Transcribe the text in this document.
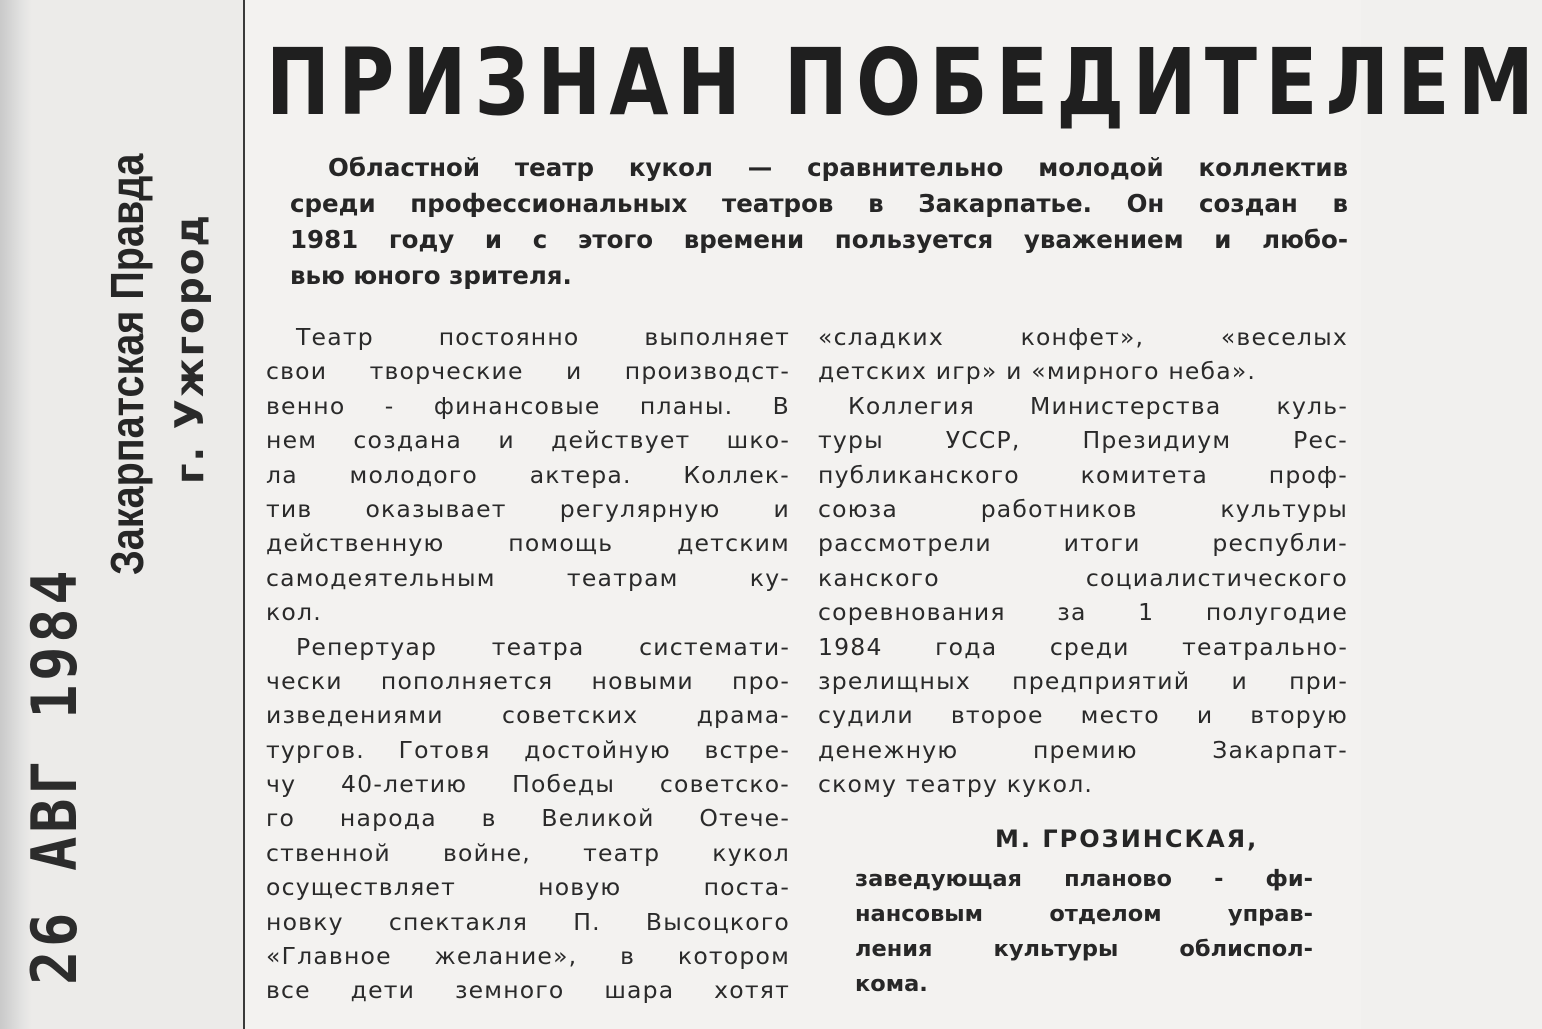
Закарпатская Правда г. Ужгород
26 АВГ 1984
ПРИЗНАН ПОБЕДИТЕЛЕМ
Областной театр кукол — сравнительно молодой коллектив
среди профессиональных театров в Закарпатье. Он создан в
1981 году и с этого времени пользуется уважением и любо-
вью юного зрителя.
Театр постоянно выполняет
свои творческие и производст-
венно - финансовые планы. В
нем создана и действует шко-
ла молодого актера. Коллек-
тив оказывает регулярную и
действенную помощь детским
самодеятельным театрам ку-
кол.
Репертуар театра системати-
чески пополняется новыми про-
изведениями советских драма-
тургов. Готовя достойную встре-
чу 40-летию Победы советско-
го народа в Великой Отече-
ственной войне, театр кукол
осуществляет новую поста-
новку спектакля П. Высоцкого
«Главное желание», в котором
все дети земного шара хотят
«сладких конфет», «веселых
детских игр» и «мирного неба».
Коллегия Министерства куль-
туры УССР, Президиум Рес-
публиканского комитета проф-
союза работников культуры
рассмотрели итоги республи-
канского социалистического
соревнования за 1 полугодие
1984 года среди театрально-
зрелищных предприятий и при-
судили второе место и вторую
денежную премию Закарпат-
скому театру кукол.
М. ГРОЗИНСКАЯ,
заведующая планово - фи-
нансовым отделом управ-
ления культуры облиспол-
кома.
